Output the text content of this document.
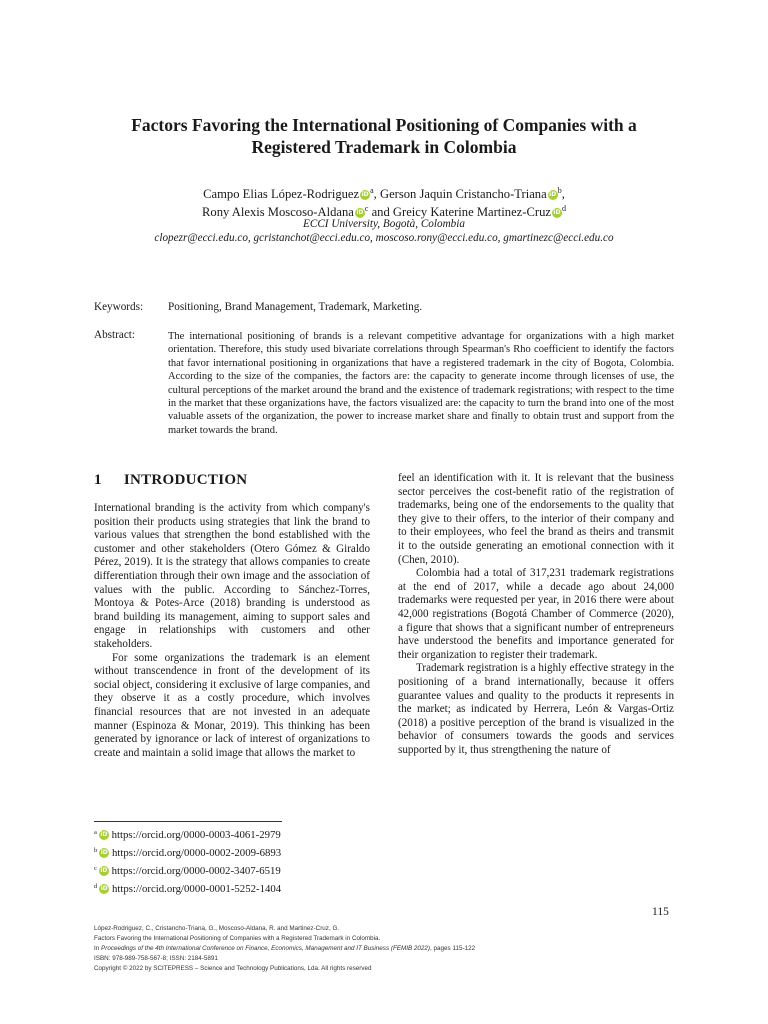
Factors Favoring the International Positioning of Companies with a
Registered Trademark in Colombia
Campo Elias López-Rodriguez $iD^a$, Gerson Jaquin Cristancho-Triana $iD^b$,
Rony Alexis Moscoso-Aldana $iD^c$ and Greicy Katerine Martinez-Cruz $iD^d$
ECCI University, Bogotà, Colombia
clopezr@ecci.edu.co, gcristanchot@ecci.edu.co, moscoso.rony@ecci.edu.co, gmartinezc@ecci.edu.co
Keywords: Positioning, Brand Management, Trademark, Marketing.
Abstract:	The international positioning of brands is a relevant competitive advantage for organizations with a high market orientation. Therefore, this study used bivariate correlations through Spearman's Rho coefficient to identify the factors that favor international positioning in organizations that have a registered trademark in the city of Bogota, Colombia. According to the size of the companies, the factors are: the capacity to generate income through licenses of use, the cultural perceptions of the market around the brand and the existence of trademark registrations; with respect to the time in the market that these organizations have, the factors visualized are: the capacity to turn the brand into one of the most valuable assets of the organization, the power to increase market share and finally to obtain trust and support from the market towards the brand.
1 INTRODUCTION

International branding is the activity from which company's position their products using strategies that link the brand to various values that strengthen the bond established with the customer and other stakeholders (Otero Gómez & Giraldo Pérez, 2019). It is the strategy that allows companies to create differentiation through their own image and the association of values with the public. According to Sánchez-Torres, Montoya & Potes-Arce (2018) branding is understood as brand building its management, aiming to support sales and engage in relationships with customers and other stakeholders.

For some organizations the trademark is an element without transcendence in front of the development of its social object, considering it exclusive of large companies, and they observe it as a costly procedure, which involves financial resources that are not invested in an adequate manner (Espinoza & Monar, 2019). This thinking has been generated by ignorance or lack of interest of organizations to create and maintain a solid image that allows the market to

feel an identification with it. It is relevant that the business sector perceives the cost-benefit ratio of the registration of trademarks, being one of the endorsements to the quality that they give to their offers, to the interior of their company and to their employees, who feel the brand as theirs and transmit it to the outside generating an emotional connection with it (Chen, 2010).

Colombia had a total of 317,231 trademark registrations at the end of 2017, while a decade ago about 24,000 trademarks were requested per year, in 2016 there were about 42,000 registrations (Bogotá Chamber of Commerce (2020), a figure that shows that a significant number of entrepreneurs have understood the benefits and importance generated for their organization to register their trademark.

Trademark registration is a highly effective strategy in the positioning of a brand internationally, because it offers guarantee values and quality to the products it represents in the market; as indicated by Herrera, León & Vargas-Ortiz (2018) a positive perception of the brand is visualized in the behavior of consumers towards the goods and services supported by it, thus strengthening the nature of

$^a$ iD https://orcid.org/0000-0003-4061-2979
$^b$ iD https://orcid.org/0000-0002-2009-6893
$^c$ iD https://orcid.org/0000-0002-3407-6519
$^d$ iD https://orcid.org/0000-0001-5252-1404
115
López-Rodriguez, C., Cristancho-Triana, G., Moscoso-Aldana, R. and Martinez-Cruz, G.
Factors Favoring the International Positioning of Companies with a Registered Trademark in Colombia.
In Proceedings of the 4th International Conference on Finance, Economics, Management and IT Business (FEMIB 2022), pages 115-122
ISBN: 978-989-758-567-8; ISSN: 2184-5891
Copyright © 2022 by SCITEPRESS – Science and Technology Publications, Lda. All rights reserved
